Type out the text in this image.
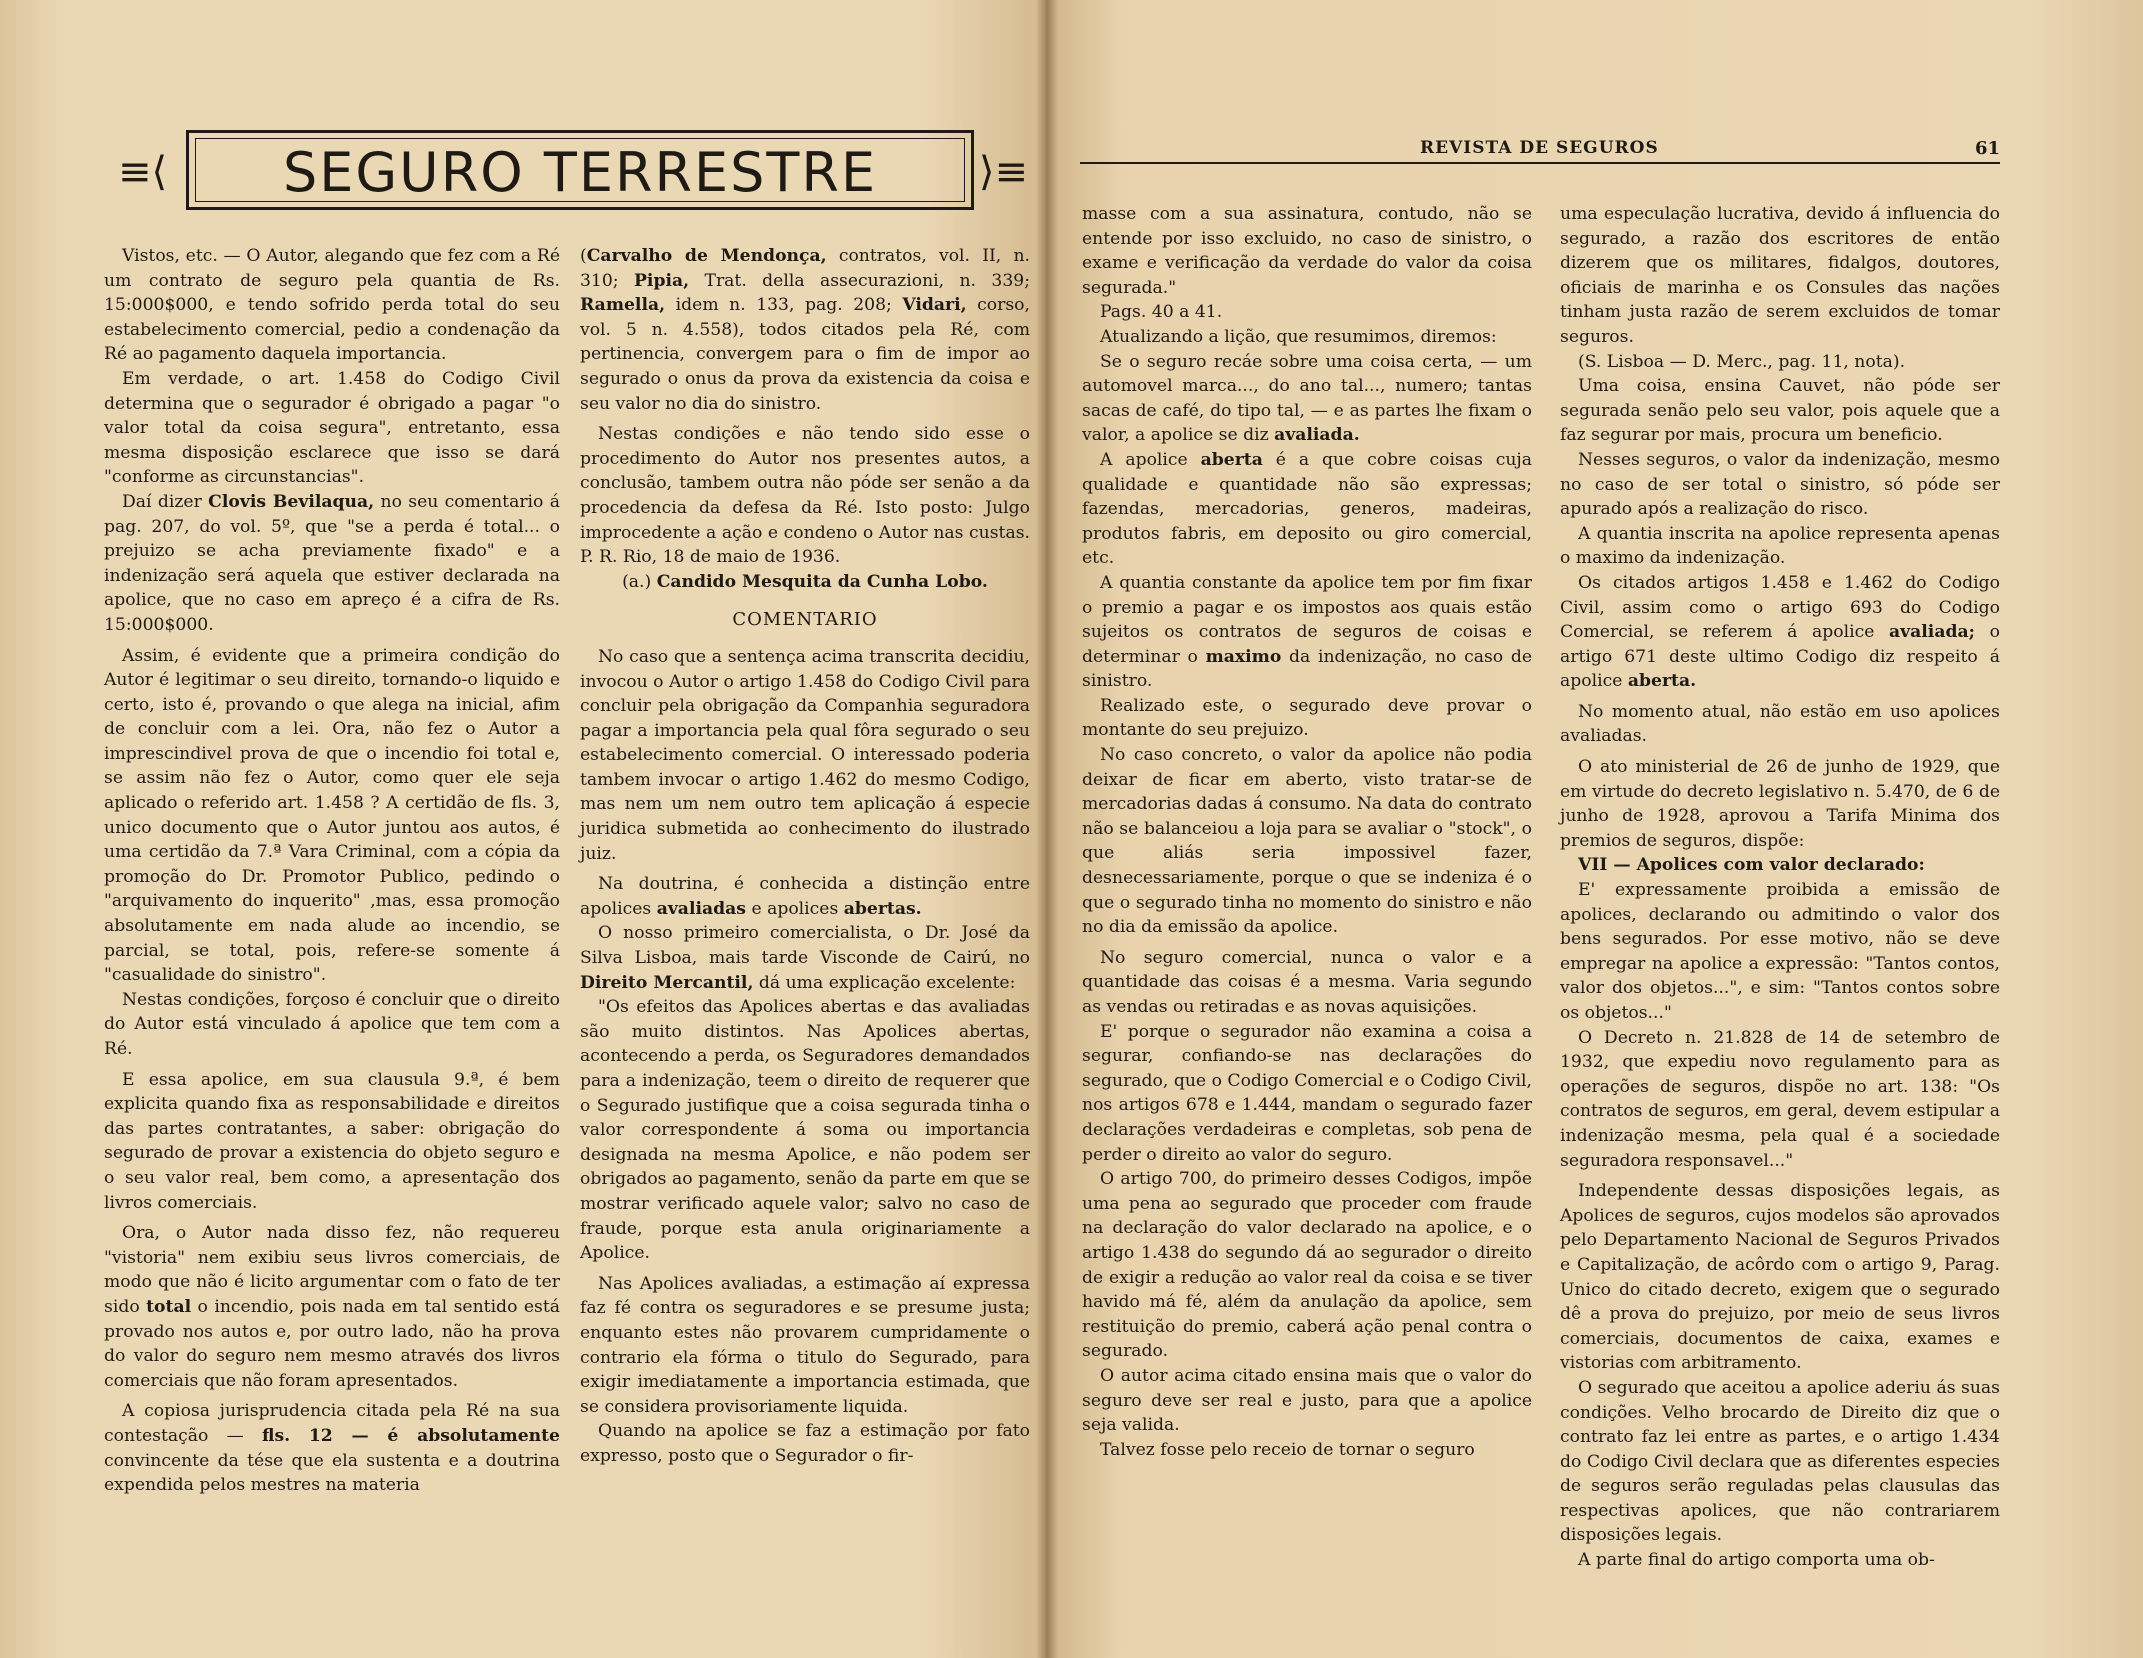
≡⟨	SEGURO TERRESTRE	⟩≡

Vistos, etc. — O Autor, alegando que fez com a Ré um contrato de seguro pela quantia de Rs. 15:000$000, e tendo sofrido perda total do seu estabelecimento comercial, pedio a condenação da Ré ao pagamento daquela importancia.

Em verdade, o art. 1.458 do Codigo Civil determina que o segurador é obrigado a pagar "o valor total da coisa segura", entretanto, essa mesma disposição esclarece que isso se dará "conforme as circunstancias".

Daí dizer Clovis Bevilaqua, no seu comentario á pag. 207, do vol. 5º, que "se a perda é total... o prejuizo se acha previamente fixado" e a indenização será aquela que estiver declarada na apolice, que no caso em apreço é a cifra de Rs. 15:000$000.

Assim, é evidente que a primeira condição do Autor é legitimar o seu direito, tornando-o liquido e certo, isto é, provando o que alega na inicial, afim de concluir com a lei. Ora, não fez o Autor a imprescindivel prova de que o incendio foi total e, se assim não fez o Autor, como quer ele seja aplicado o referido art. 1.458 ? A certidão de fls. 3, unico documento que o Autor juntou aos autos, é uma certidão da 7.ª Vara Criminal, com a cópia da promoção do Dr. Promotor Publico, pedindo o "arquivamento do inquerito" ,mas, essa promoção absolutamente em nada alude ao incendio, se parcial, se total, pois, refere-se somente á "casualidade do sinistro".

Nestas condições, forçoso é concluir que o direito do Autor está vinculado á apolice que tem com a Ré.

E essa apolice, em sua clausula 9.ª, é bem explicita quando fixa as responsabilidade e direitos das partes contratantes, a saber: obrigação do segurado de provar a existencia do objeto seguro e o seu valor real, bem como, a apresentação dos livros comerciais.

Ora, o Autor nada disso fez, não requereu "vistoria" nem exibiu seus livros comerciais, de modo que não é licito argumentar com o fato de ter sido total o incendio, pois nada em tal sentido está provado nos autos e, por outro lado, não ha prova do valor do seguro nem mesmo através dos livros comerciais que não foram apresentados.

A copiosa jurisprudencia citada pela Ré na sua contestação — fls. 12 — é absolutamente convincente da tése que ela sustenta e a doutrina expendida pelos mestres na materia

(Carvalho de Mendonça, contratos, vol. II, n. 310; Pipia, Trat. della assecurazioni, n. 339; Ramella, idem n. 133, pag. 208; Vidari, corso, vol. 5 n. 4.558), todos citados pela Ré, com pertinencia, convergem para o fim de impor ao segurado o onus da prova da existencia da coisa e seu valor no dia do sinistro.

Nestas condições e não tendo sido esse o procedimento do Autor nos presentes autos, a conclusão, tambem outra não póde ser senão a da procedencia da defesa da Ré. Isto posto: Julgo improcedente a ação e condeno o Autor nas custas. P. R. Rio, 18 de maio de 1936.

(a.) Candido Mesquita da Cunha Lobo.

COMENTARIO

No caso que a sentença acima transcrita decidiu, invocou o Autor o artigo 1.458 do Codigo Civil para concluir pela obrigação da Companhia seguradora pagar a importancia pela qual fôra segurado o seu estabelecimento comercial. O interessado poderia tambem invocar o artigo 1.462 do mesmo Codigo, mas nem um nem outro tem aplicação á especie juridica submetida ao conhecimento do ilustrado juiz.

Na doutrina, é conhecida a distinção entre apolices avaliadas e apolices abertas.

O nosso primeiro comercialista, o Dr. José da Silva Lisboa, mais tarde Visconde de Cairú, no Direito Mercantil, dá uma explicação excelente:

"Os efeitos das Apolices abertas e das avaliadas são muito distintos. Nas Apolices abertas, acontecendo a perda, os Seguradores demandados para a indenização, teem o direito de requerer que o Segurado justifique que a coisa segurada tinha o valor correspondente á soma ou importancia designada na mesma Apolice, e não podem ser obrigados ao pagamento, senão da parte em que se mostrar verificado aquele valor; salvo no caso de fraude, porque esta anula originariamente a Apolice.

Nas Apolices avaliadas, a estimação aí expressa faz fé contra os seguradores e se presume justa; enquanto estes não provarem cumpridamente o contrario ela fórma o titulo do Segurado, para exigir imediatamente a importancia estimada, que se considera provisoriamente liquida.

Quando na apolice se faz a estimação por fato expresso, posto que o Segurador o fir-

REVISTA DE SEGUROS	61

masse com a sua assinatura, contudo, não se entende por isso excluido, no caso de sinistro, o exame e verificação da verdade do valor da coisa segurada."

Pags. 40 a 41.

Atualizando a lição, que resumimos, diremos:

Se o seguro recáe sobre uma coisa certa, — um automovel marca..., do ano tal..., numero; tantas sacas de café, do tipo tal, — e as partes lhe fixam o valor, a apolice se diz avaliada.

A apolice aberta é a que cobre coisas cuja qualidade e quantidade não são expressas; fazendas, mercadorias, generos, madeiras, produtos fabris, em deposito ou giro comercial, etc.

A quantia constante da apolice tem por fim fixar o premio a pagar e os impostos aos quais estão sujeitos os contratos de seguros de coisas e determinar o maximo da indenização, no caso de sinistro.

Realizado este, o segurado deve provar o montante do seu prejuizo.

No caso concreto, o valor da apolice não podia deixar de ficar em aberto, visto tratar-se de mercadorias dadas á consumo. Na data do contrato não se balanceiou a loja para se avaliar o "stock", o que aliás seria impossivel fazer, desnecessariamente, porque o que se indeniza é o que o segurado tinha no momento do sinistro e não no dia da emissão da apolice.

No seguro comercial, nunca o valor e a quantidade das coisas é a mesma. Varia segundo as vendas ou retiradas e as novas aquisições.

E' porque o segurador não examina a coisa a segurar, confiando-se nas declarações do segurado, que o Codigo Comercial e o Codigo Civil, nos artigos 678 e 1.444, mandam o segurado fazer declarações verdadeiras e completas, sob pena de perder o direito ao valor do seguro.

O artigo 700, do primeiro desses Codigos, impõe uma pena ao segurado que proceder com fraude na declaração do valor declarado na apolice, e o artigo 1.438 do segundo dá ao segurador o direito de exigir a redução ao valor real da coisa e se tiver havido má fé, além da anulação da apolice, sem restituição do premio, caberá ação penal contra o segurado.

O autor acima citado ensina mais que o valor do seguro deve ser real e justo, para que a apolice seja valida.

Talvez fosse pelo receio de tornar o seguro

uma especulação lucrativa, devido á influencia do segurado, a razão dos escritores de então dizerem que os militares, fidalgos, doutores, oficiais de marinha e os Consules das nações tinham justa razão de serem excluidos de tomar seguros.

(S. Lisboa — D. Merc., pag. 11, nota).

Uma coisa, ensina Cauvet, não póde ser segurada senão pelo seu valor, pois aquele que a faz segurar por mais, procura um beneficio.

Nesses seguros, o valor da indenização, mesmo no caso de ser total o sinistro, só póde ser apurado após a realização do risco.

A quantia inscrita na apolice representa apenas o maximo da indenização.

Os citados artigos 1.458 e 1.462 do Codigo Civil, assim como o artigo 693 do Codigo Comercial, se referem á apolice avaliada; o artigo 671 deste ultimo Codigo diz respeito á apolice aberta.

No momento atual, não estão em uso apolices avaliadas.

O ato ministerial de 26 de junho de 1929, que em virtude do decreto legislativo n. 5.470, de 6 de junho de 1928, aprovou a Tarifa Minima dos premios de seguros, dispõe:

VII — Apolices com valor declarado:

E' expressamente proibida a emissão de apolices, declarando ou admitindo o valor dos bens segurados. Por esse motivo, não se deve empregar na apolice a expressão: "Tantos contos, valor dos objetos...", e sim: "Tantos contos sobre os objetos..."

O Decreto n. 21.828 de 14 de setembro de 1932, que expediu novo regulamento para as operações de seguros, dispõe no art. 138: "Os contratos de seguros, em geral, devem estipular a indenização mesma, pela qual é a sociedade seguradora responsavel..."

Independente dessas disposições legais, as Apolices de seguros, cujos modelos são aprovados pelo Departamento Nacional de Seguros Privados e Capitalização, de acôrdo com o artigo 9, Parag. Unico do citado decreto, exigem que o segurado dê a prova do prejuizo, por meio de seus livros comerciais, documentos de caixa, exames e vistorias com arbitramento.

O segurado que aceitou a apolice aderiu ás suas condições. Velho brocardo de Direito diz que o contrato faz lei entre as partes, e o artigo 1.434 do Codigo Civil declara que as diferentes especies de seguros serão reguladas pelas clausulas das respectivas apolices, que não contrariarem disposições legais.

A parte final do artigo comporta uma ob-
